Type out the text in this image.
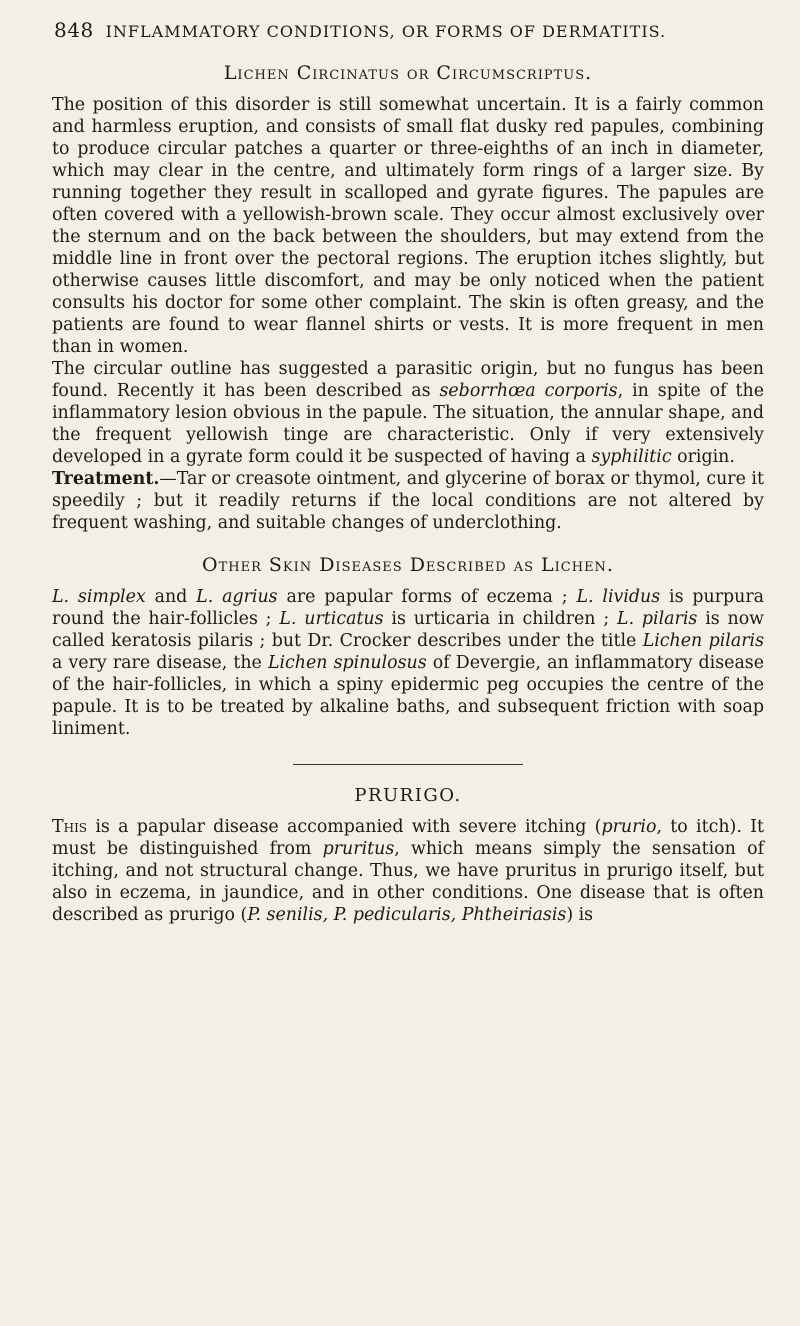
848 INFLAMMATORY CONDITIONS, OR FORMS OF DERMATITIS.
Lichen Circinatus or Circumscriptus.

The position of this disorder is still somewhat uncertain. It is a fairly common and harmless eruption, and consists of small flat dusky red papules, combining to produce circular patches a quarter or three-eighths of an inch in diameter, which may clear in the centre, and ultimately form rings of a larger size. By running together they result in scalloped and gyrate figures. The papules are often covered with a yellowish-brown scale. They occur almost exclusively over the sternum and on the back between the shoulders, but may extend from the middle line in front over the pectoral regions. The eruption itches slightly, but otherwise causes little discomfort, and may be only noticed when the patient consults his doctor for some other complaint. The skin is often greasy, and the patients are found to wear flannel shirts or vests. It is more frequent in men than in women.

The circular outline has suggested a parasitic origin, but no fungus has been found. Recently it has been described as seborrhœa corporis, in spite of the inflammatory lesion obvious in the papule. The situation, the annular shape, and the frequent yellowish tinge are characteristic. Only if very extensively developed in a gyrate form could it be suspected of having a syphilitic origin.

Treatment.—Tar or creasote ointment, and glycerine of borax or thymol, cure it speedily ; but it readily returns if the local conditions are not altered by frequent washing, and suitable changes of underclothing.

Other Skin Diseases Described as Lichen.

L. simplex and L. agrius are papular forms of eczema ; L. lividus is purpura round the hair-follicles ; L. urticatus is urticaria in children ; L. pilaris is now called keratosis pilaris ; but Dr. Crocker describes under the title Lichen pilaris a very rare disease, the Lichen spinulosus of Devergie, an inflammatory disease of the hair-follicles, in which a spiny epidermic peg occupies the centre of the papule. It is to be treated by alkaline baths, and subsequent friction with soap liniment.

PRURIGO.

This is a papular disease accompanied with severe itching (prurio, to itch). It must be distinguished from pruritus, which means simply the sensation of itching, and not structural change. Thus, we have pruritus in prurigo itself, but also in eczema, in jaundice, and in other conditions. One disease that is often described as prurigo (P. senilis, P. pedicularis, Phtheiriasis) is
